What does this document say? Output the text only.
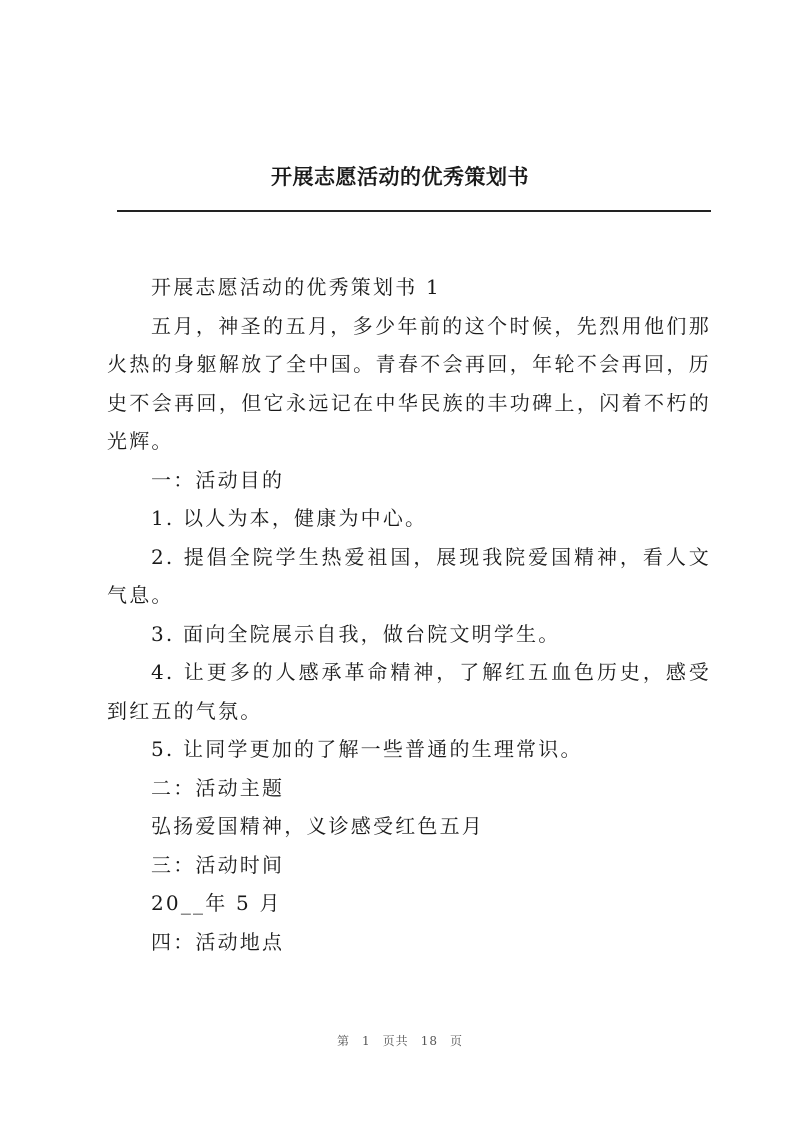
开展志愿活动的优秀策划书

开展志愿活动的优秀策划书 1

五月，神圣的五月，多少年前的这个时候，先烈用他们那火热的身躯解放了全中国。青春不会再回，年轮不会再回，历史不会再回，但它永远记在中华民族的丰功碑上，闪着不朽的光辉。

一：活动目的

1. 以人为本，健康为中心。

2. 提倡全院学生热爱祖国，展现我院爱国精神，看人文气息。

3. 面向全院展示自我，做台院文明学生。

4. 让更多的人感承革命精神，了解红五血色历史，感受到红五的气氛。

5. 让同学更加的了解一些普通的生理常识。

二：活动主题

弘扬爱国精神，义诊感受红色五月

三：活动时间

20__年 5 月

四：活动地点

第 1 页共 18 页
